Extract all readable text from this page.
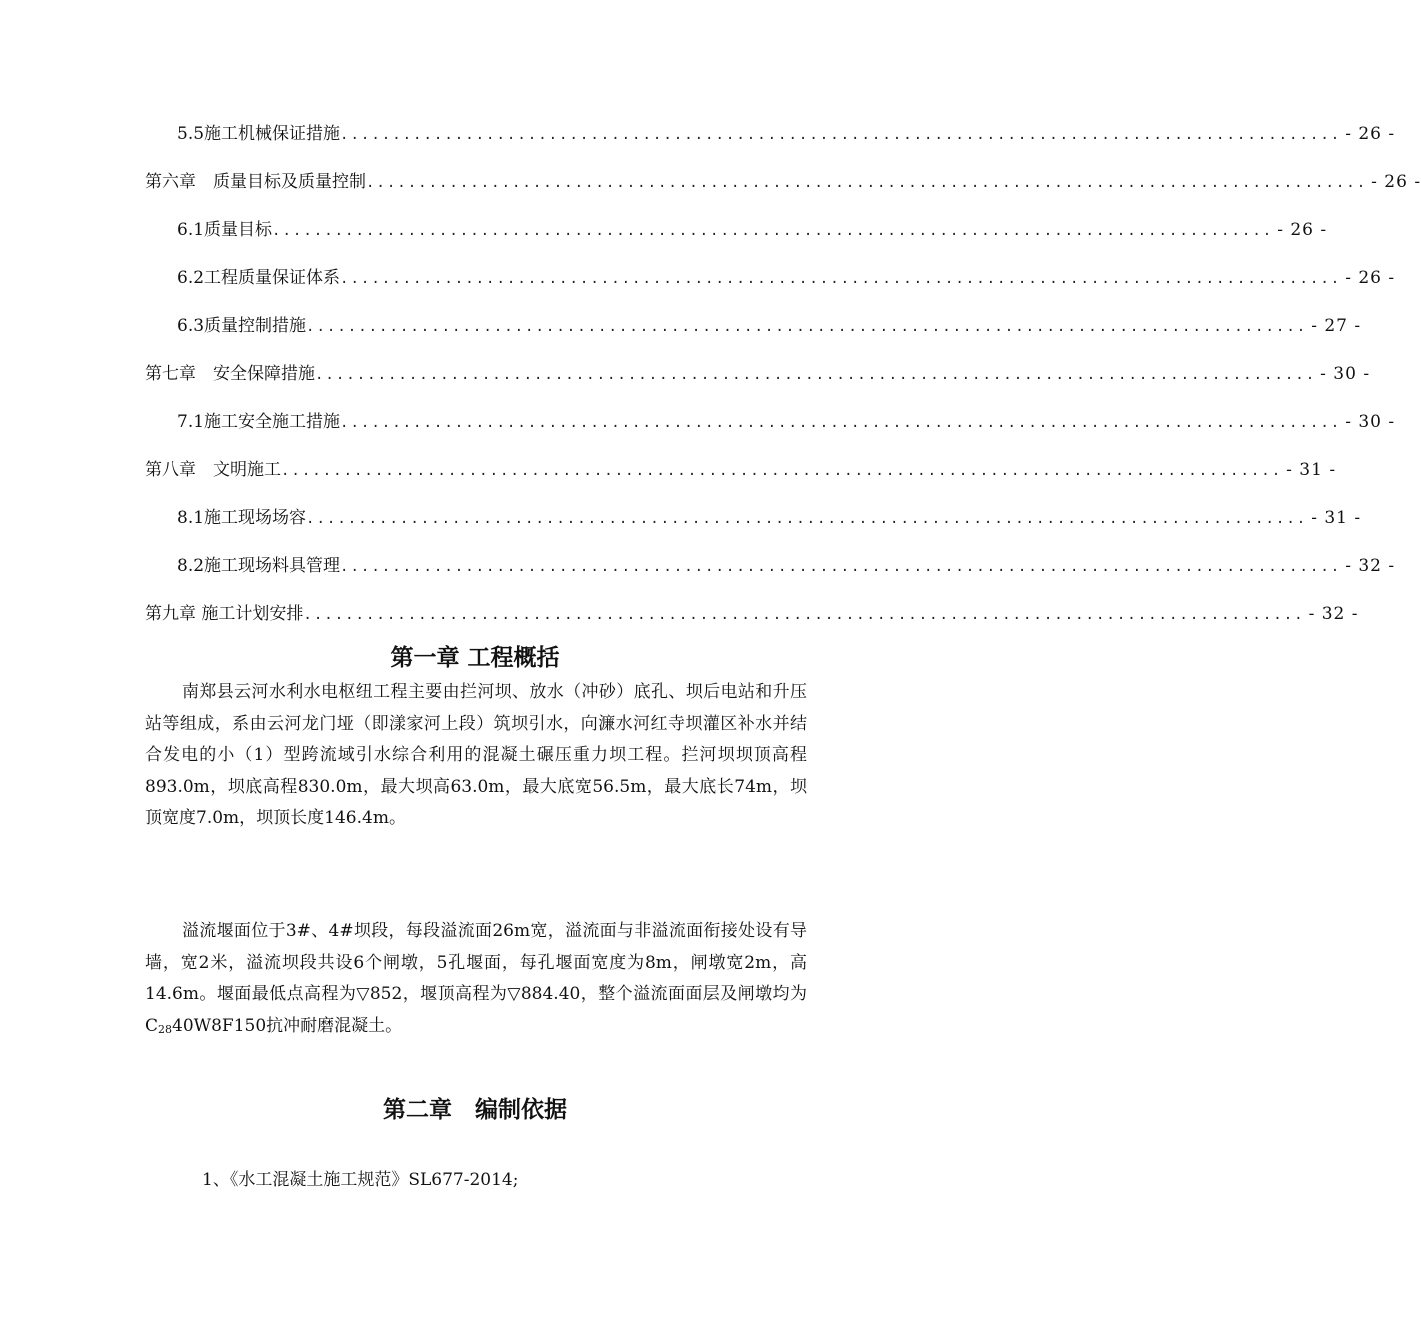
5.5施工机械保证措施 ................................................................................................ - 26 -
第六章　质量目标及质量控制 ................................................................................................ - 26 -
6.1质量目标 ................................................................................................ - 26 -
6.2工程质量保证体系 ................................................................................................ - 26 -
6.3质量控制措施 ................................................................................................ - 27 -
第七章　安全保障措施 ................................................................................................ - 30 -
7.1施工安全施工措施 ................................................................................................ - 30 -
第八章　文明施工 ................................................................................................ - 31 -
8.1施工现场场容 ................................................................................................ - 31 -
8.2施工现场料具管理 ................................................................................................ - 32 -
第九章 施工计划安排 ................................................................................................ - 32 -
第一章 工程概括

南郑县云河水利水电枢纽工程主要由拦河坝、放水（冲砂）底孔、坝后电站和升压站等组成，系由云河龙门垭（即漾家河上段）筑坝引水，向濂水河红寺坝灌区补水并结合发电的小（1）型跨流域引水综合利用的混凝土碾压重力坝工程。拦河坝坝顶高程893.0m，坝底高程830.0m，最大坝高63.0m，最大底宽56.5m，最大底长74m，坝顶宽度7.0m，坝顶长度146.4m。

溢流堰面位于3#、4#坝段，每段溢流面26m宽，溢流面与非溢流面衔接处设有导墙，宽2米，溢流坝段共设6个闸墩，5孔堰面，每孔堰面宽度为8m，闸墩宽2m，高14.6m。堰面最低点高程为▽852，堰顶高程为▽884.40，整个溢流面面层及闸墩均为C2840W8F150抗冲耐磨混凝土。

第二章　编制依据
1、《水工混凝土施工规范》SL677-2014;
